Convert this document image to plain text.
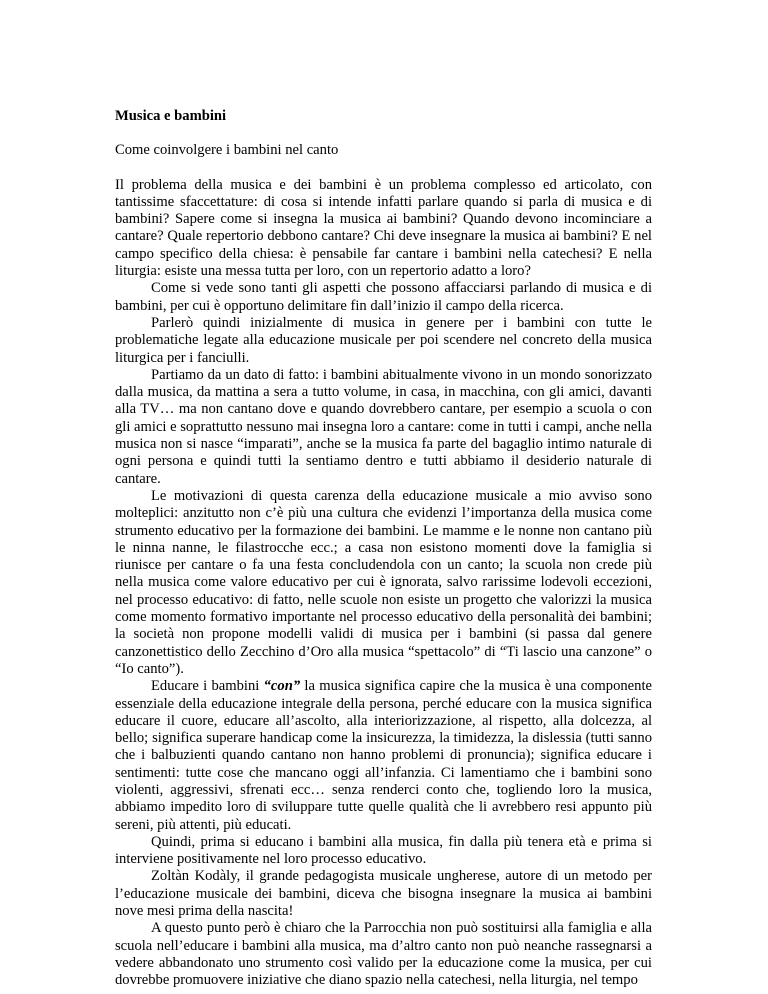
Musica e bambini

Come coinvolgere i bambini nel canto

Il problema della musica e dei bambini è un problema complesso ed articolato, con tantissime sfaccettature: di cosa si intende infatti parlare quando si parla di musica e di bambini? Sapere come si insegna la musica ai bambini? Quando devono incominciare a cantare? Quale repertorio debbono cantare? Chi deve insegnare la musica ai bambini? E nel campo specifico della chiesa: è pensabile far cantare i bambini nella catechesi? E nella liturgia: esiste una messa tutta per loro, con un repertorio adatto a loro?

Come si vede sono tanti gli aspetti che possono affacciarsi parlando di musica e di bambini, per cui è opportuno delimitare fin dall’inizio il campo della ricerca.

Parlerò quindi inizialmente di musica in genere per i bambini con tutte le problematiche legate alla educazione musicale per poi scendere nel concreto della musica liturgica per i fanciulli.

Partiamo da un dato di fatto: i bambini abitualmente vivono in un mondo sonorizzato dalla musica, da mattina a sera a tutto volume, in casa, in macchina, con gli amici, davanti alla TV… ma non cantano dove e quando dovrebbero cantare, per esempio a scuola o con gli amici e soprattutto nessuno mai insegna loro a cantare: come in tutti i campi, anche nella musica non si nasce “imparati”, anche se la musica fa parte del bagaglio intimo naturale di ogni persona e quindi tutti la sentiamo dentro e tutti abbiamo il desiderio naturale di cantare.

Le motivazioni di questa carenza della educazione musicale a mio avviso sono molteplici: anzitutto non c’è più una cultura che evidenzi l’importanza della musica come strumento educativo per la formazione dei bambini. Le mamme e le nonne non cantano più le ninna nanne, le filastrocche ecc.; a casa non esistono momenti dove la famiglia si riunisce per cantare o fa una festa concludendola con un canto; la scuola non crede più nella musica come valore educativo per cui è ignorata, salvo rarissime lodevoli eccezioni, nel processo educativo: di fatto, nelle scuole non esiste un progetto che valorizzi la musica come momento formativo importante nel processo educativo della personalità dei bambini; la società non propone modelli validi di musica per i bambini (si passa dal genere canzonettistico dello Zecchino d’Oro alla musica “spettacolo” di “Ti lascio una canzone” o “Io canto”).

Educare i bambini “con” la musica significa capire che la musica è una componente essenziale della educazione integrale della persona, perché educare con la musica significa educare il cuore, educare all’ascolto, alla interiorizzazione, al rispetto, alla dolcezza, al bello; significa superare handicap come la insicurezza, la timidezza, la dislessia (tutti sanno che i balbuzienti quando cantano non hanno problemi di pronuncia); significa educare i sentimenti: tutte cose che mancano oggi all’infanzia. Ci lamentiamo che i bambini sono violenti, aggressivi, sfrenati ecc… senza renderci conto che, togliendo loro la musica, abbiamo impedito loro di sviluppare tutte quelle qualità che li avrebbero resi appunto più sereni, più attenti, più educati.

Quindi, prima si educano i bambini alla musica, fin dalla più tenera età e prima si interviene positivamente nel loro processo educativo.

Zoltàn Kodàly, il grande pedagogista musicale ungherese, autore di un metodo per l’educazione musicale dei bambini, diceva che bisogna insegnare la musica ai bambini nove mesi prima della nascita!

A questo punto però è chiaro che la Parrocchia non può sostituirsi alla famiglia e alla scuola nell’educare i bambini alla musica, ma d’altro canto non può neanche rassegnarsi a vedere abbandonato uno strumento così valido per la educazione come la musica, per cui dovrebbe promuovere iniziative che diano spazio nella catechesi, nella liturgia, nel tempo
